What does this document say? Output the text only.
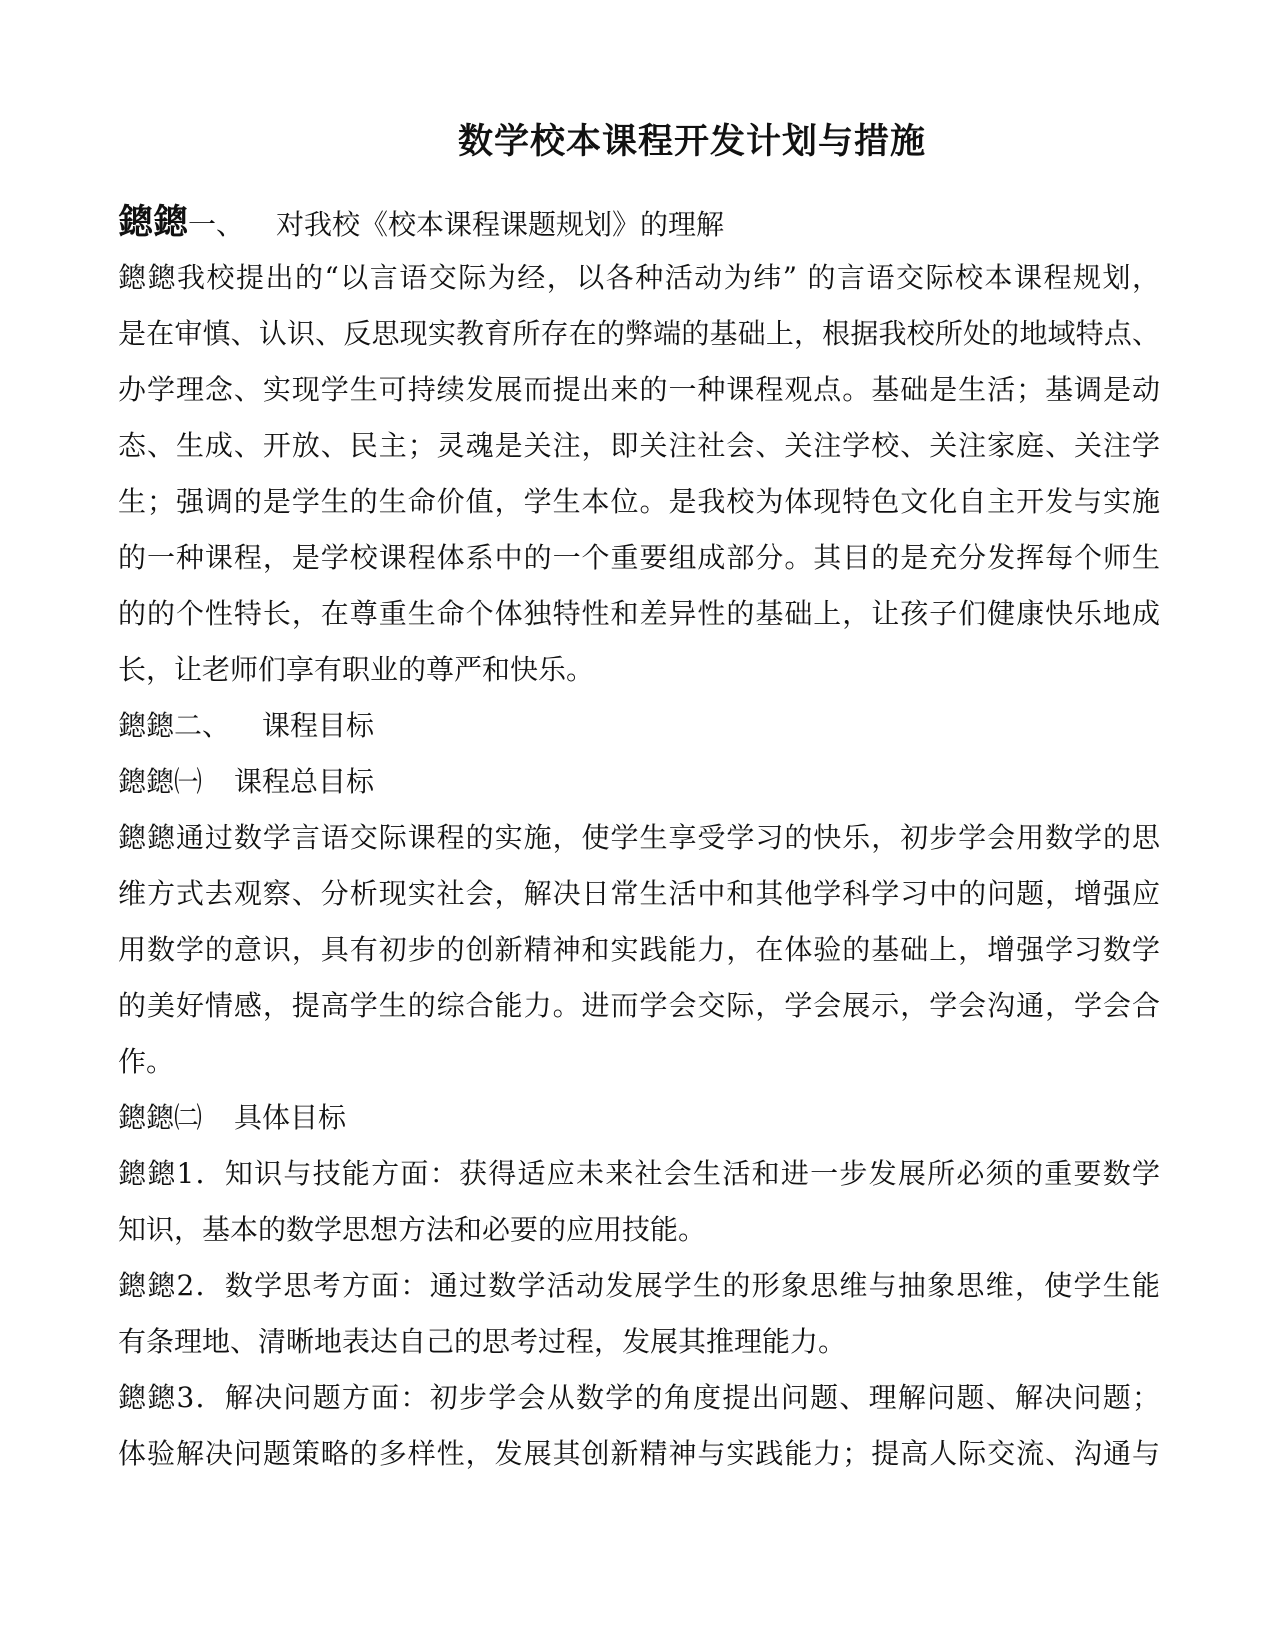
数学校本课程开发计划与措施
鏓鏓一、 对我校《校本课程课题规划》的理解
鏓鏓我校提出的“以言语交际为经，以各种活动为纬” 的言语交际校本课程规划，
是在审慎、认识、反思现实教育所存在的弊端的基础上，根据我校所处的地域特点、
办学理念、实现学生可持续发展而提出来的一种课程观点。基础是生活；基调是动
态、生成、开放、民主；灵魂是关注，即关注社会、关注学校、关注家庭、关注学
生；强调的是学生的生命价值，学生本位。是我校为体现特色文化自主开发与实施
的一种课程，是学校课程体系中的一个重要组成部分。其目的是充分发挥每个师生
的的个性特长，在尊重生命个体独特性和差异性的基础上，让孩子们健康快乐地成
长，让老师们享有职业的尊严和快乐。
鏓鏓二、 课程目标
鏓鏓㈠ 课程总目标
鏓鏓通过数学言语交际课程的实施，使学生享受学习的快乐，初步学会用数学的思
维方式去观察、分析现实社会，解决日常生活中和其他学科学习中的问题，增强应
用数学的意识，具有初步的创新精神和实践能力，在体验的基础上，增强学习数学
的美好情感，提高学生的综合能力。进而学会交际，学会展示，学会沟通，学会合
作。
鏓鏓㈡ 具体目标
鏓鏓1．知识与技能方面：获得适应未来社会生活和进一步发展所必须的重要数学
知识，基本的数学思想方法和必要的应用技能。
鏓鏓2．数学思考方面：通过数学活动发展学生的形象思维与抽象思维，使学生能
有条理地、清晰地表达自己的思考过程，发展其推理能力。
鏓鏓3．解决问题方面：初步学会从数学的角度提出问题、理解问题、解决问题；
体验解决问题策略的多样性，发展其创新精神与实践能力；提高人际交流、沟通与
